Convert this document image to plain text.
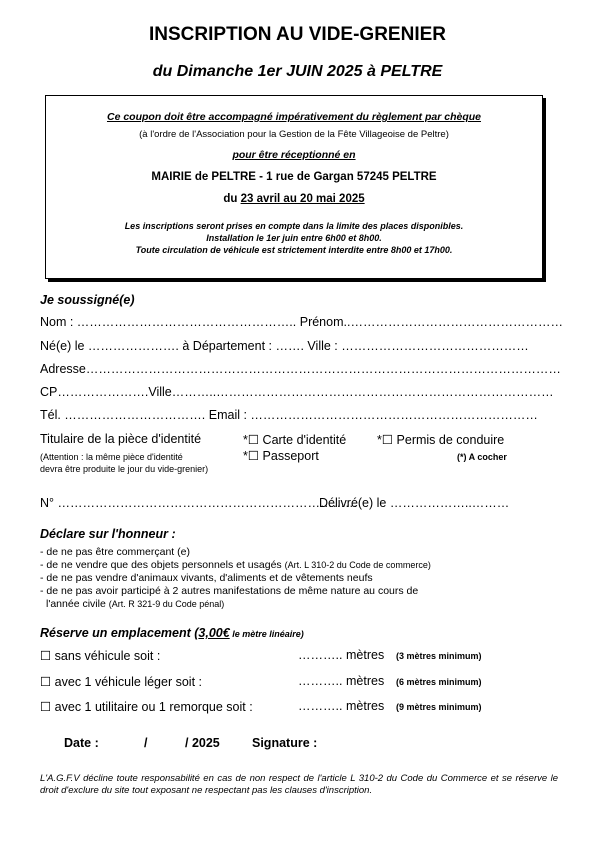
INSCRIPTION AU VIDE-GRENIER
du Dimanche 1er JUIN 2025 à PELTRE
Ce coupon doit être accompagné impérativement du règlement par chèque
(à l'ordre de l'Association pour la Gestion de la Fête Villageoise de Peltre)
pour être réceptionné en
MAIRIE de PELTRE - 1 rue de Gargan 57245 PELTRE
du 23 avril au 20 mai 2025
Les inscriptions seront prises en compte dans la limite des places disponibles.
Installation le 1er juin entre 6h00 et 8h00.
Toute circulation de véhicule est strictement interdite entre 8h00 et 17h00.
Je soussigné(e)
Nom : …………………………………………….. Prénom..……………………………………………
Né(e) le …………………. à Département : ……. Ville : ………………………………………
Adresse……………………………………………………………………………………………………
CP………………….Ville………..………………………………………………………………………
Tél. ……………………………. Email : ……………………………………………………………
Titulaire de la pièce d'identité	*☐ Carte d'identité *☐ Permis de conduire
(Attention : la même pièce d'identité	*☐ Passeport	(*) A cocher
devra être produite le jour du vide-grenier)
N° ………………………………………………………………
Délivré(e) le ………………..………
Déclare sur l'honneur :
- de ne pas être commerçant (e)
- de ne vendre que des objets personnels et usagés (Art. L 310-2 du Code de commerce)
- de ne pas vendre d'animaux vivants, d'aliments et de vêtements neufs
- de ne pas avoir participé à 2 autres manifestations de même nature au cours de
l'année civile (Art. R 321-9 du Code pénal)
Réserve un emplacement (3,00€ le mètre linéaire)
☐ sans véhicule soit :	……….. mètres (3 mètres minimum)
☐ avec 1 véhicule léger soit :	……….. mètres (6 mètres minimum)
☐ avec 1 utilitaire ou 1 remorque soit :	……….. mètres (9 mètres minimum)
Date :	/	/ 2025	Signature :
L'A.G.F.V décline toute responsabilité en cas de non respect de l'article L 310-2 du Code du Commerce et se réserve le droit d'exclure du site tout exposant ne respectant pas les clauses d'inscription.
